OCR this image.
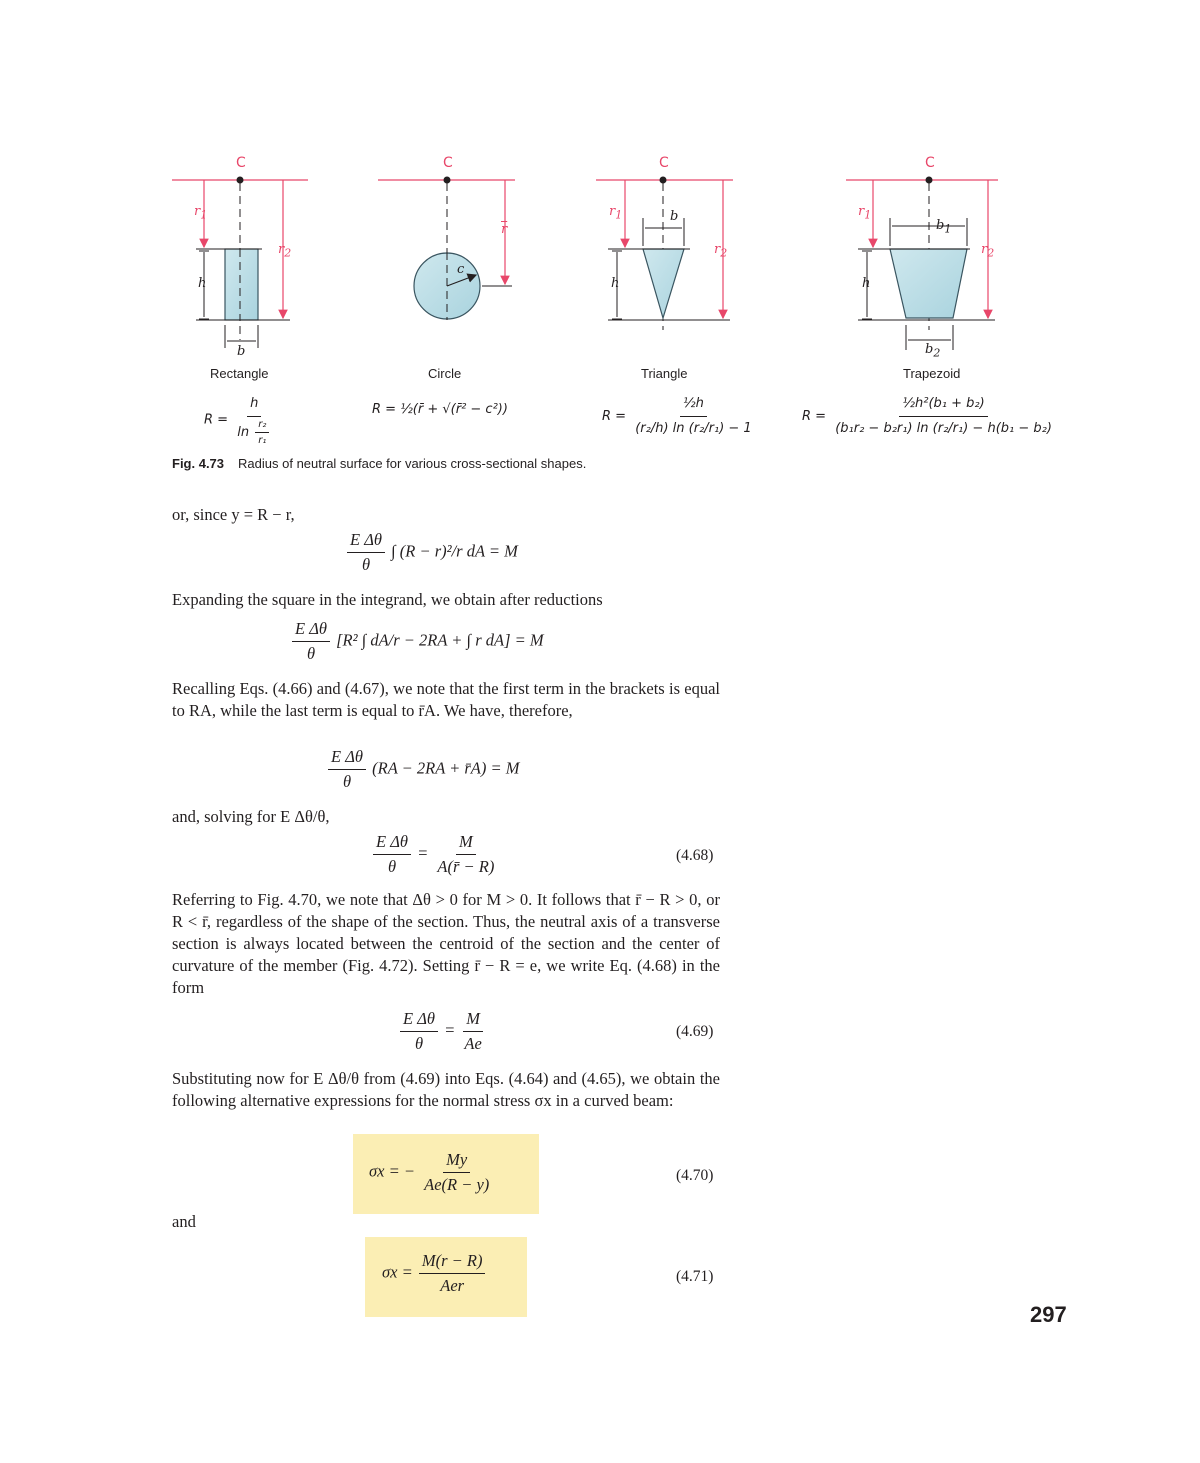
C	C	C	C
$r_1$
$r_2$
h
b
$\overline{r}$
c
$r_1$
$r_2$
h
b	$r_1$
$r_2$
h
$b_1$
$b_2$
Rectangle	Circle	Triangle	Trapezoid
$R = \frac{h}{\ln \frac{\text{r₂}}{\text{r₁}}}$	R = ½(r̄ + √(r̄² − c²))	$R = \frac{\text{½h}}{\text{(r₂/h) ln (r₂/r₁) − 1}}$	$R = \frac{\text{½h²(b₁ + b₂)}}{\text{(b₁r₂ − b₂r₁) ln (r₂/r₁) − h(b₁ − b₂)}}$
Fig. 4.73 Radius of neutral surface for various cross-sectional shapes.
or, since y = R − r,
$\frac{\text{E Δθ}}{\theta}$ ∫ (R − r)²/r dA = M
Expanding the square in the integrand, we obtain after reductions
$\frac{\text{E Δθ}}{\theta} [R^2$ ∫ dA/r − 2RA + ∫ r dA] = M
Recalling Eqs. (4.66) and (4.67), we note that the first term in the brackets is equal to RA, while the last term is equal to r̄A. We have, therefore,
$\frac{\text{E Δθ}}{\theta} (RA - 2RA$ + r̄A) = M
and, solving for E Δθ/θ,
$\frac{\text{E Δθ}}{\theta} = \frac{M}{A(r̄ - R)}$	(4.68)
Referring to Fig. 4.70, we note that Δθ > 0 for M > 0. It follows that r̄ − R > 0, or R < r̄, regardless of the shape of the section. Thus, the neutral axis of a transverse section is always located between the centroid of the section and the center of curvature of the member (Fig. 4.72). Setting r̄ − R = e, we write Eq. (4.68) in the form
$\frac{\text{E Δθ}}{\theta} = \frac{M}{Ae}$	(4.69)
Substituting now for E Δθ/θ from (4.69) into Eqs. (4.64) and (4.65), we obtain the following alternative expressions for the normal stress σx in a curved beam:
σx = − $\frac{My}{Ae(R - y)}$	(4.70)
and
$\sigma x = \frac{M(r - R)}{\text{Aer}}$	(4.71)
297
